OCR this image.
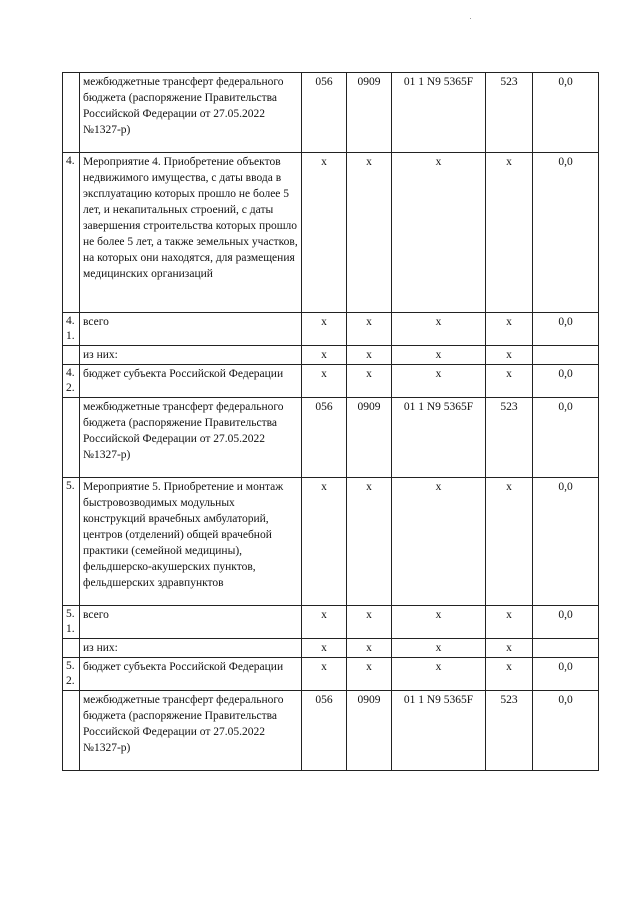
	межбюджетные трансферт федерального бюджета (распоряжение Правительства Российской Федерации от 27.05.2022 №1327-р)	056	0909	01 1 N9 5365F	523	0,0
4.	Мероприятие 4. Приобретение объектов недвижимого имущества, с даты ввода в эксплуатацию которых прошло не более 5 лет, и некапитальных строений, с даты завершения строительства которых прошло не более 5 лет, а также земельных участков, на которых они находятся, для размещения медицинских организаций	x	x	x	x	0,0
4. 1.	всего	x	x	x	x	0,0
	из них:	x	x	x	x	
4. 2.	бюджет субъекта Российской Федерации	x	x	x	x	0,0
	межбюджетные трансферт федерального бюджета (распоряжение Правительства Российской Федерации от 27.05.2022 №1327-р)	056	0909	01 1 N9 5365F	523	0,0
5.	Мероприятие 5. Приобретение и монтаж быстровозводимых модульных конструкций врачебных амбулаторий, центров (отделений) общей врачебной практики (семейной медицины), фельдшерско-акушерских пунктов, фельдшерских здравпунктов	x	x	x	x	0,0
5. 1.	всего	x	x	x	x	0,0
	из них:	x	x	x	x	
5. 2.	бюджет субъекта Российской Федерации	x	x	x	x	0,0
	межбюджетные трансферт федерального бюджета (распоряжение Правительства Российской Федерации от 27.05.2022 №1327-р)	056	0909	01 1 N9 5365F	523	0,0
